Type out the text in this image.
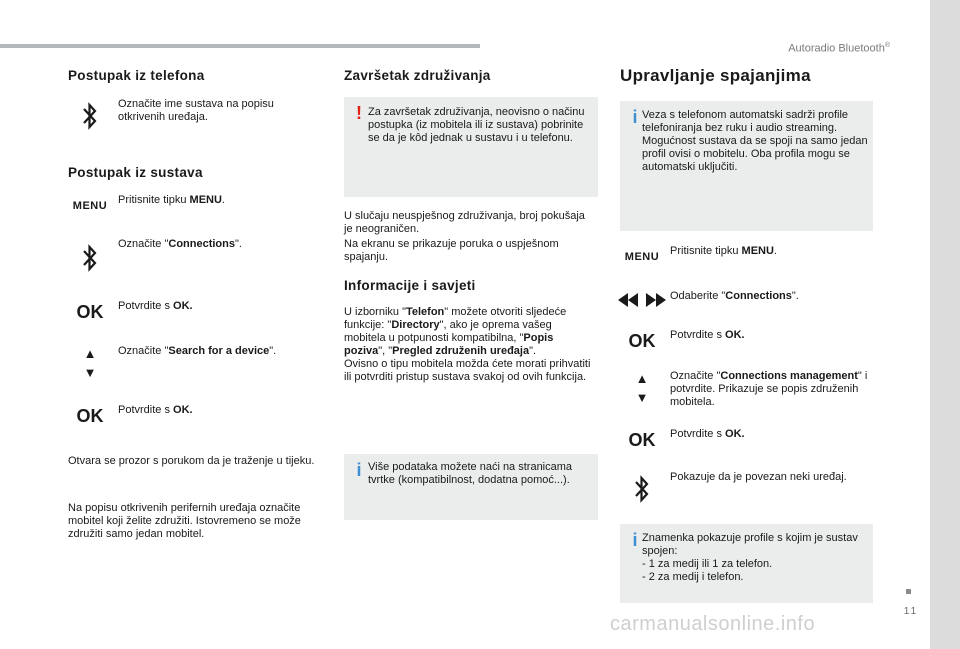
Autoradio Bluetooth®
11
carmanualsonline.info
Postupak iz telefona
Označite ime sustava na popisu otkrivenih uređaja.
Postupak iz sustava
MENU Pritisnite tipku MENU.
Označite "Connections".
OK Potvrdite s OK.
▲
▼
Označite "Search for a device".
OK Potvrdite s OK.
Otvara se prozor s porukom da je traženje u tijeku.
Na popisu otkrivenih perifernih uređaja označite mobitel koji želite združiti. Istovremeno se može združiti samo jedan mobitel.
Završetak združivanja
! Za završetak združivanja, neovisno o načinu postupka (iz mobitela ili iz sustava) pobrinite se da je kôd jednak u sustavu i u telefonu.
U slučaju neuspješnog združivanja, broj pokušaja je neograničen.
Na ekranu se prikazuje poruka o uspješnom spajanju.
Informacije i savjeti
U izborniku "Telefon" možete otvoriti sljedeće funkcije: "Directory", ako je oprema vašeg mobitela u potpunosti kompatibilna, "Popis poziva", "Pregled združenih uređaja".
Ovisno o tipu mobitela možda ćete morati prihvatiti ili potvrditi pristup sustava svakoj od ovih funkcija.
i Više podataka možete naći na stranicama tvrtke (kompatibilnost, dodatna pomoć...).
Upravljanje spajanjima
i Veza s telefonom automatski sadrži profile telefoniranja bez ruku i audio streaming. Mogućnost sustava da se spoji na samo jedan profil ovisi o mobitelu. Oba profila mogu se automatski uključiti.
MENU Pritisnite tipku MENU.
Odaberite "Connections".
OK Potvrdite s OK.
▲
▼
Označite "Connections management" i potvrdite. Prikazuje se popis združenih mobitela.
OK Potvrdite s OK.
Pokazuje da je povezan neki uređaj.
i Znamenka pokazuje profile s kojim je sustav spojen:
- 1 za medij ili 1 za telefon.
- 2 za medij i telefon.
